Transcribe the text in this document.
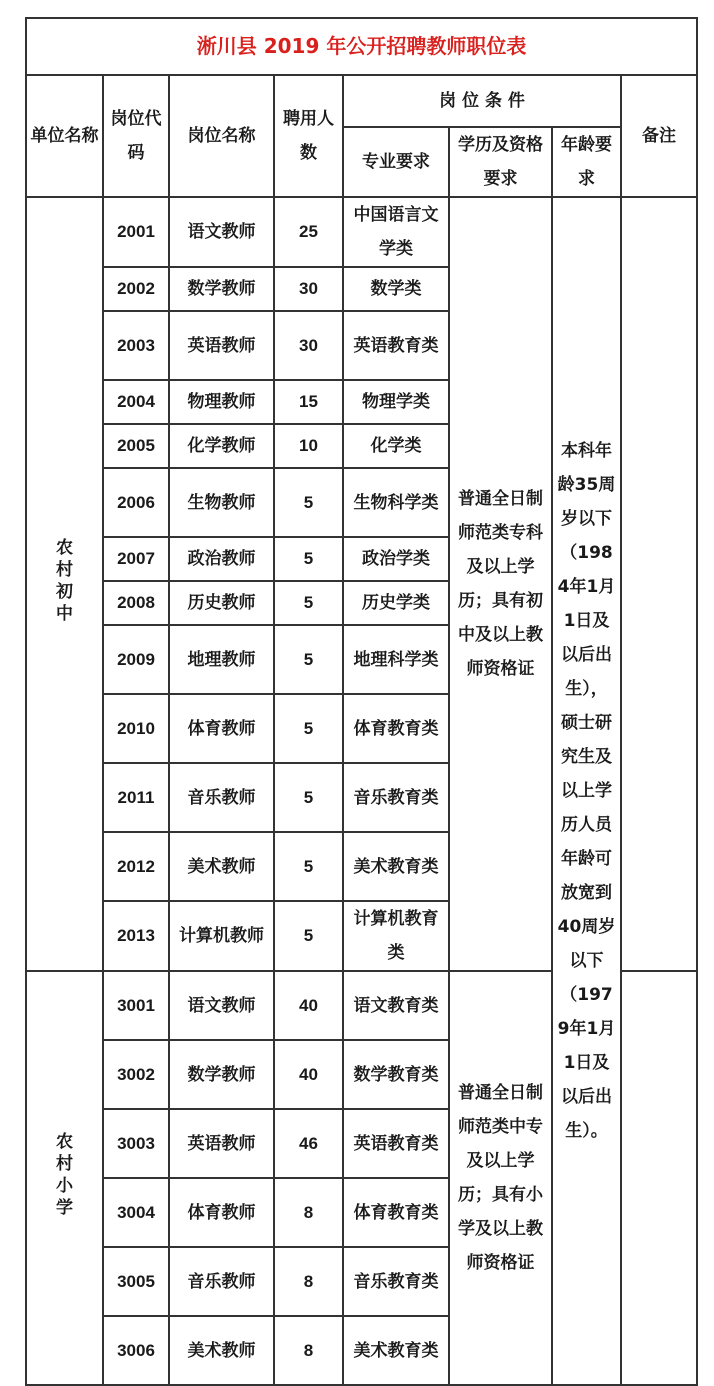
淅川县 2019 年公开招聘教师职位表							
单位名称	岗位代码	岗位名称	聘用人数	岗 位 条 件			备注
				专业要求	学历及资格要求	年龄要求	
农村初中	2001	语文教师	25	中国语言文学类	普通全日制师范类专科及以上学历；具有初中及以上教师资格证	本科年龄35周岁以下（1984年1月1日及以后出生），硕士研究生及以上学历人员年龄可放宽到40周岁以下（1979年1月1日及以后出生）。	
	2002	数学教师	30	数学类			
	2003	英语教师	30	英语教育类			
	2004	物理教师	15	物理学类			
	2005	化学教师	10	化学类			
	2006	生物教师	5	生物科学类			
	2007	政治教师	5	政治学类			
	2008	历史教师	5	历史学类			
	2009	地理教师	5	地理科学类			
	2010	体育教师	5	体育教育类			
	2011	音乐教师	5	音乐教育类			
	2012	美术教师	5	美术教育类			
	2013	计算机教师	5	计算机教育类			
农村小学	3001	语文教师	40	语文教育类	普通全日制师范类中专及以上学历；具有小学及以上教师资格证		
	3002	数学教师	40	数学教育类			
	3003	英语教师	46	英语教育类			
	3004	体育教师	8	体育教育类			
	3005	音乐教师	8	音乐教育类			
	3006	美术教师	8	美术教育类			
